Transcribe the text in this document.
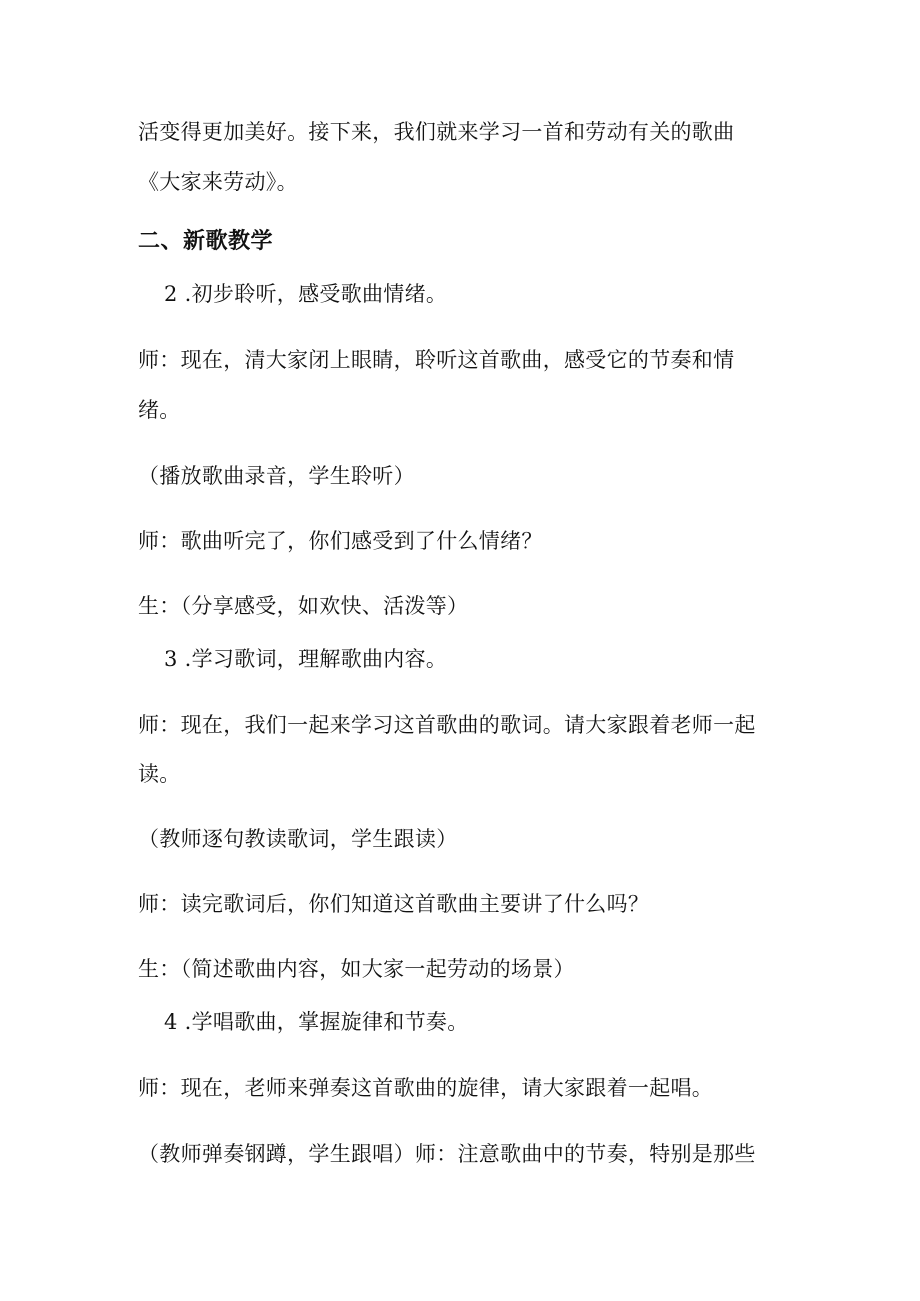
活变得更加美好。接下来，我们就来学习一首和劳动有关的歌曲
《大家来劳动》。
二、新歌教学
2 .初步聆听，感受歌曲情绪。
师：现在，清大家闭上眼睛，聆听这首歌曲，感受它的节奏和情
绪。
（播放歌曲录音，学生聆听）
师：歌曲听完了，你们感受到了什么情绪？
生：（分享感受，如欢快、活泼等）
3 .学习歌词，理解歌曲内容。
师：现在，我们一起来学习这首歌曲的歌词。请大家跟着老师一起
读。
（教师逐句教读歌词，学生跟读）
师：读完歌词后，你们知道这首歌曲主要讲了什么吗？
生：（简述歌曲内容，如大家一起劳动的场景）
4 .学唱歌曲，掌握旋律和节奏。
师：现在，老师来弹奏这首歌曲的旋律，请大家跟着一起唱。
（教师弹奏钢蹲，学生跟唱）师：注意歌曲中的节奏，特别是那些
